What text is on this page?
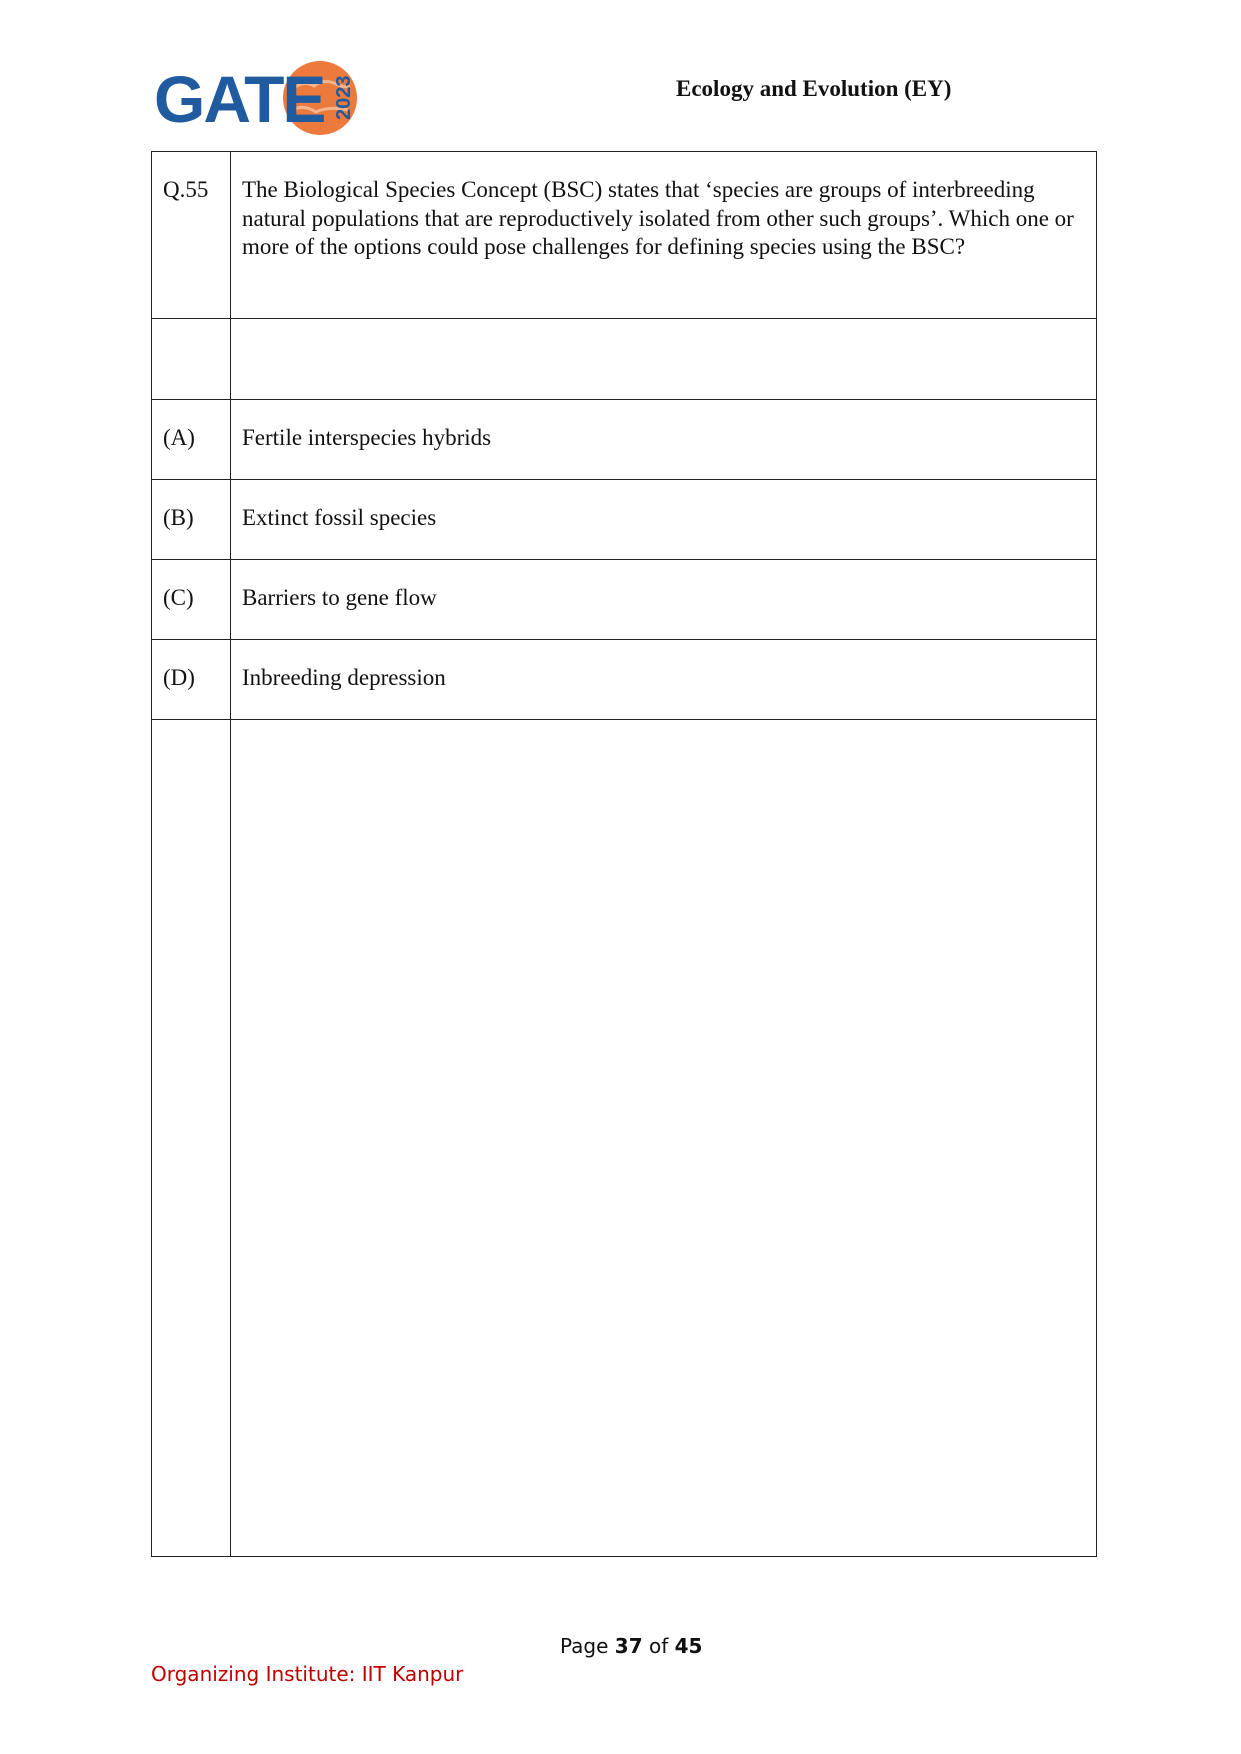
GATE 2023	Ecology and Evolution (EY)
Q.55	The Biological Species Concept (BSC) states that ‘species are groups of interbreeding natural populations that are reproductively isolated from other such groups’. Which one or more of the options could pose challenges for defining species using the BSC?

(A)	Fertile interspecies hybrids

(B)	Extinct fossil species

(C)	Barriers to gene flow

(D)	Inbreeding depression

Page 37 of 45
Organizing Institute: IIT Kanpur
